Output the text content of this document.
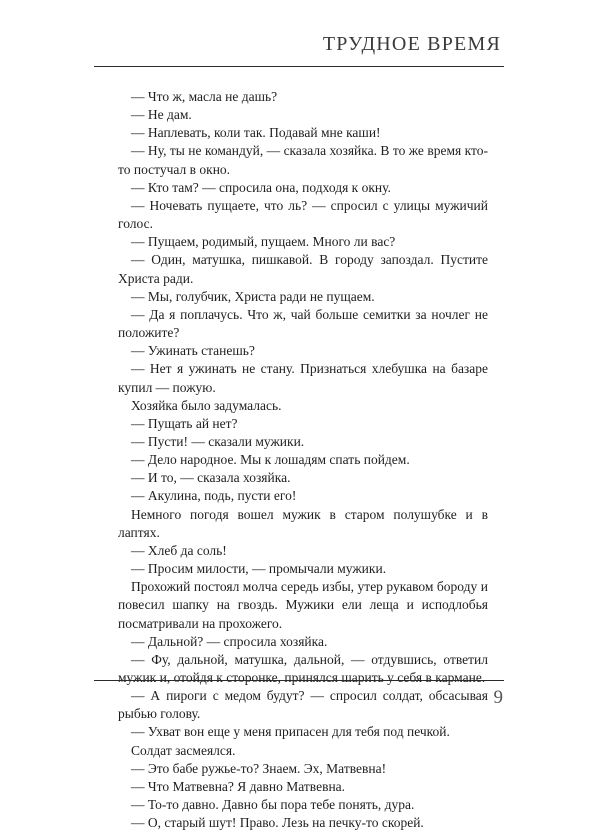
ТРУДНОЕ ВРЕМЯ

— Что ж, масла не дашь?

— Не дам.

— Наплевать, коли так. Подавай мне каши!

— Ну, ты не командуй, — сказала хозяйка. В то же время кто-то постучал в окно.

— Кто там? — спросила она, подходя к окну.

— Ночевать пущаете, что ль? — спросил с улицы мужичий голос.

— Пущаем, родимый, пущаем. Много ли вас?

— Один, матушка, пишкавой. В городу запоздал. Пустите Христа ради.

— Мы, голубчик, Христа ради не пущаем.

— Да я поплачусь. Что ж, чай больше семитки за ночлег не положите?

— Ужинать станешь?

— Нет я ужинать не стану. Признаться хлебушка на базаре купил — пожую.

Хозяйка было задумалась.

— Пущать ай нет?

— Пусти! — сказали мужики.

— Дело народное. Мы к лошадям спать пойдем.

— И то, — сказала хозяйка.

— Акулина, подь, пусти его!

Немного погодя вошел мужик в старом полушубке и в лаптях.

— Хлеб да соль!

— Просим милости, — промычали мужики.

Прохожий постоял молча середь избы, утер рукавом бороду и повесил шапку на гвоздь. Мужики ели леща и исподлобья посматривали на прохожего.

— Дальной? — спросила хозяйка.

— Фу, дальной, матушка, дальной, — отдувшись, ответил мужик и, отойдя к сторонке, принялся шарить у себя в кармане.

— А пироги с медом будут? — спросил солдат, обсасывая рыбью голову.

— Ухват вон еще у меня припасен для тебя под печкой.

Солдат засмеялся.

— Это бабе ружье-то? Знаем. Эх, Матвевна!

— Что Матвевна? Я давно Матвевна.

— То-то давно. Давно бы пора тебе понять, дура.

— О, старый шут! Право. Лезь на печку-то скорей.

9
